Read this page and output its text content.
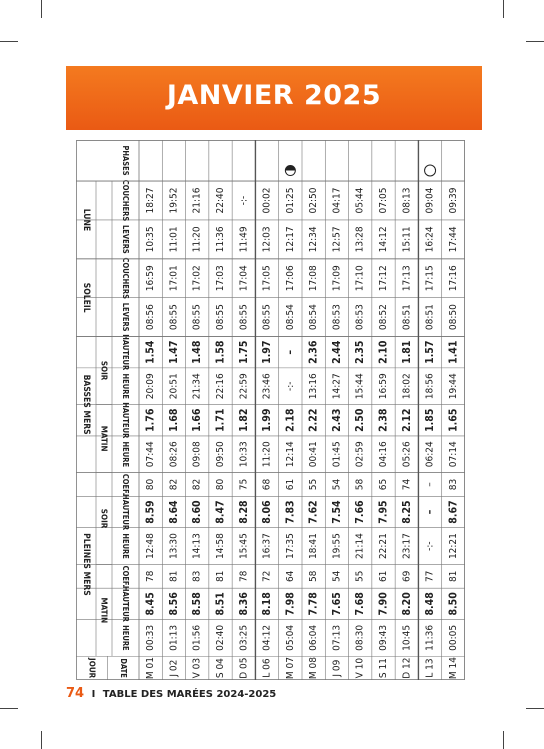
JANVIER 2025
HEURE
HAUTEUR
COEF.
HEURE
HAUTEUR
COEF.
HEURE
HAUTEUR
HEURE
HAUTEUR
LEVERS
COUCHERS
LEVERS
COUCHERS
PHASES
JOUR	DATE
PLEINES MERS
MATIN
SOIR
BASSES MERS
MATIN
SOIR
SOLEIL
LUNE
M 01
00:33
8.45
78
12:48
8.59
80
07:44
1.76
20:09
1.54
08:56
16:59
10:35
18:27
J 02
01:13
8.56
81
13:30
8.64
82
08:26
1.68
20:51
1.47
08:55
17:01
11:01
19:52
V 03
01:56
8.58
83
14:13
8.60
82
09:08
1.66
21:34
1.48
08:55
17:02
11:20
21:16
S 04
02:40
8.51
81
14:58
8.47
80
09:50
1.71
22:16
1.58
08:55
17:03
11:36
22:40
D 05
03:25
8.36
78
15:45
8.28
75
10:33
1.82
22:59
1.75
08:55
17:04
11:49
-:-
L 06
04:12
8.18
72
16:37
8.06
68
11:20
1.99
23:46
1.97
08:55
17:05
12:03
00:02
M 07
05:04
7.98
64
17:35
7.83
61
12:14
2.18
-:-
–
08:54
17:06
12:17
01:25
M 08
06:04
7.78
58
18:41
7.62
55
00:41
2.22
13:16
2.36
08:54
17:08
12:34
02:50
J 09
07:13
7.65
54
19:55
7.54
54
01:45
2.43
14:27
2.44
08:53
17:09
12:57
04:17
V 10
08:30
7.68
55
21:14
7.66
58
02:59
2.50
15:44
2.35
08:53
17:10
13:28
05:44
S 11
09:43
7.90
61
22:21
7.95
65
04:16
2.38
16:59
2.10
08:52
17:12
14:12
07:05
D 12
10:45
8.20
69
23:17
8.25
74
05:26
2.12
18:02
1.81
08:51
17:13
15:11
08:13
L 13
11:36
8.48
77
-:-
–
–
06:24
1.85
18:56
1.57
08:51
17:15
16:24
09:04
M 14
00:05
8.50
81
12:21
8.67
83
07:14
1.65
19:44
1.41
08:50
17:16
17:44
09:39
74 I TABLE DES MARÉES 2024-2025
